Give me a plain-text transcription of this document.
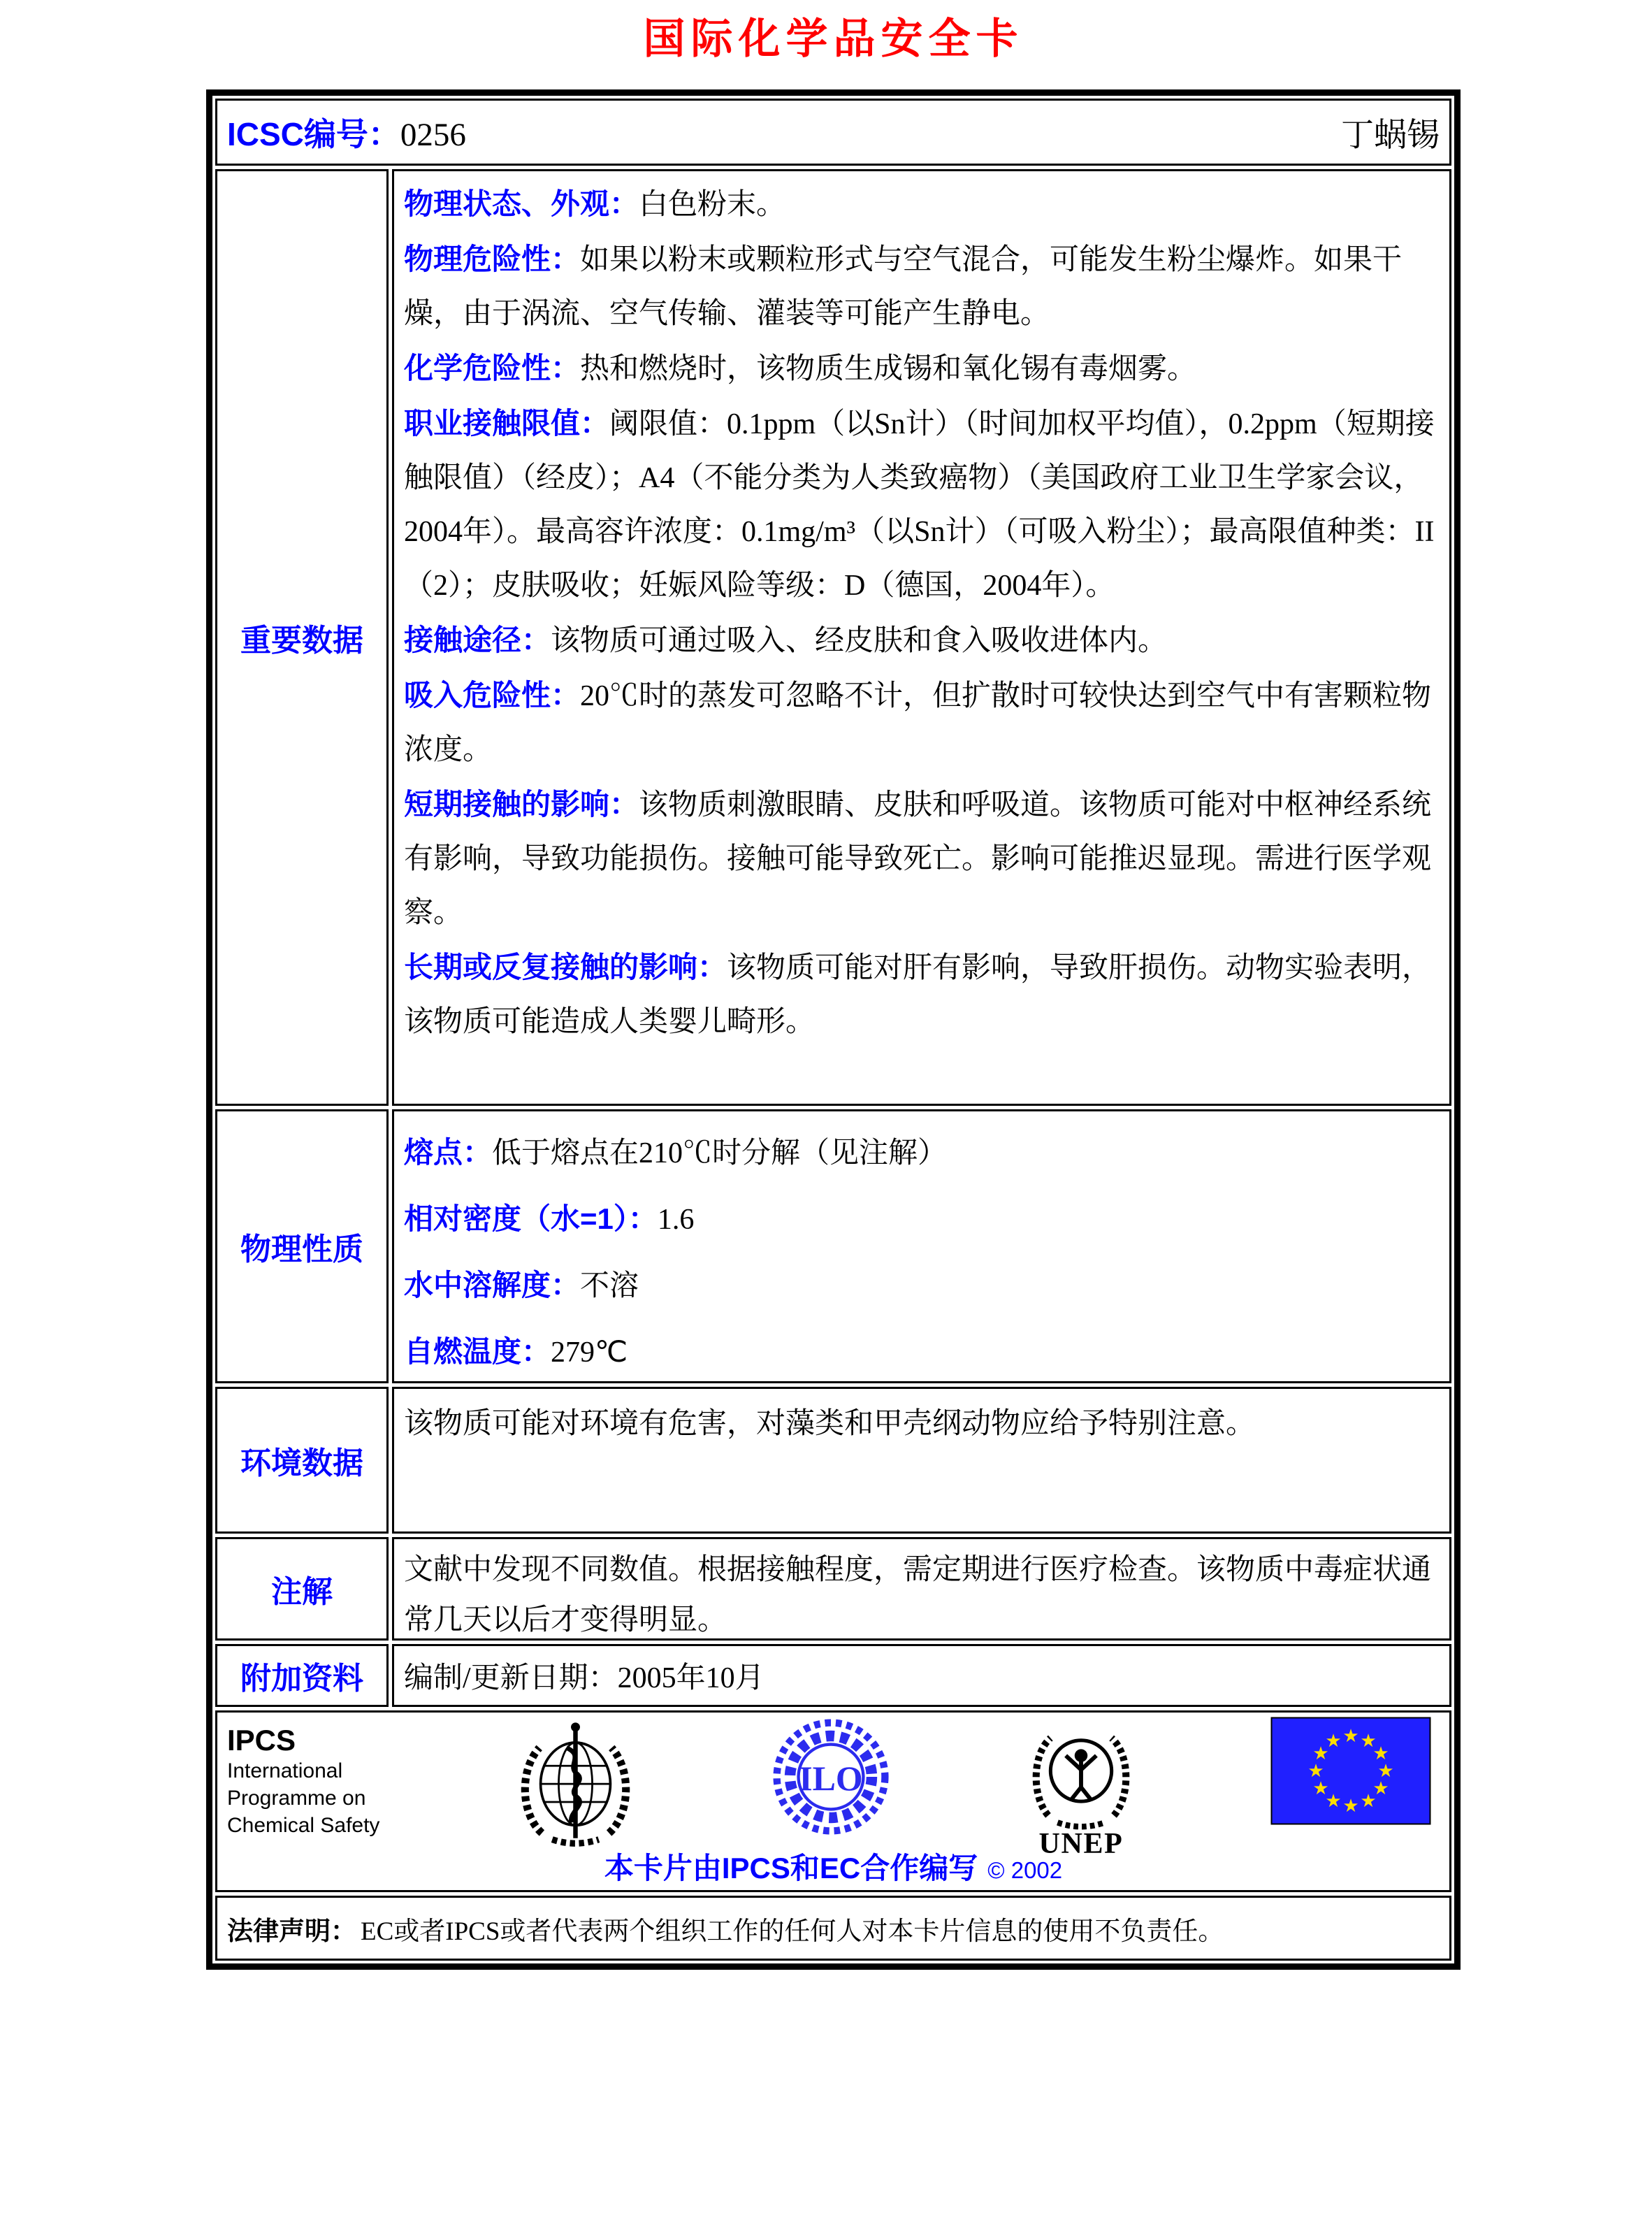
国际化学品安全卡
ICSC编号：0256	丁蜗锡
重要数据

物理状态、外观：白色粉末。

物理危险性：如果以粉末或颗粒形式与空气混合，可能发生粉尘爆炸。如果干燥，由于涡流、空气传输、灌装等可能产生静电。

化学危险性：热和燃烧时，该物质生成锡和氧化锡有毒烟雾。

职业接触限值：阈限值：0.1ppm（以Sn计）（时间加权平均值），0.2ppm（短期接触限值）（经皮）；A4（不能分类为人类致癌物）（美国政府工业卫生学家会议，2004年）。最高容许浓度：0.1mg/m³（以Sn计）（可吸入粉尘）；最高限值种类：II（2）；皮肤吸收；妊娠风险等级：D（德国，2004年）。

接触途径：该物质可通过吸入、经皮肤和食入吸收进体内。

吸入危险性：20℃时的蒸发可忽略不计，但扩散时可较快达到空气中有害颗粒物浓度。

短期接触的影响：该物质刺激眼睛、皮肤和呼吸道。该物质可能对中枢神经系统有影响，导致功能损伤。接触可能导致死亡。影响可能推迟显现。需进行医学观察。

长期或反复接触的影响：该物质可能对肝有影响，导致肝损伤。动物实验表明，该物质可能造成人类婴儿畸形。

物理性质

熔点：低于熔点在210℃时分解（见注解）

相对密度（水=1）：1.6

水中溶解度：不溶

自燃温度：279℃

环境数据

该物质可能对环境有危害，对藻类和甲壳纲动物应给予特别注意。

注解

文献中发现不同数值。根据接触程度，需定期进行医疗检查。该物质中毒症状通常几天以后才变得明显。

附加资料	编制/更新日期：2005年10月
IPCS
International
Programme on
Chemical Safety
ILO
UNEP
★ ★
★
★
★
★
★
★
★
★
★
★
本卡片由IPCS和EC合作编写 © 2002
法律声明： EC或者IPCS或者代表两个组织工作的任何人对本卡片信息的使用不负责任。
